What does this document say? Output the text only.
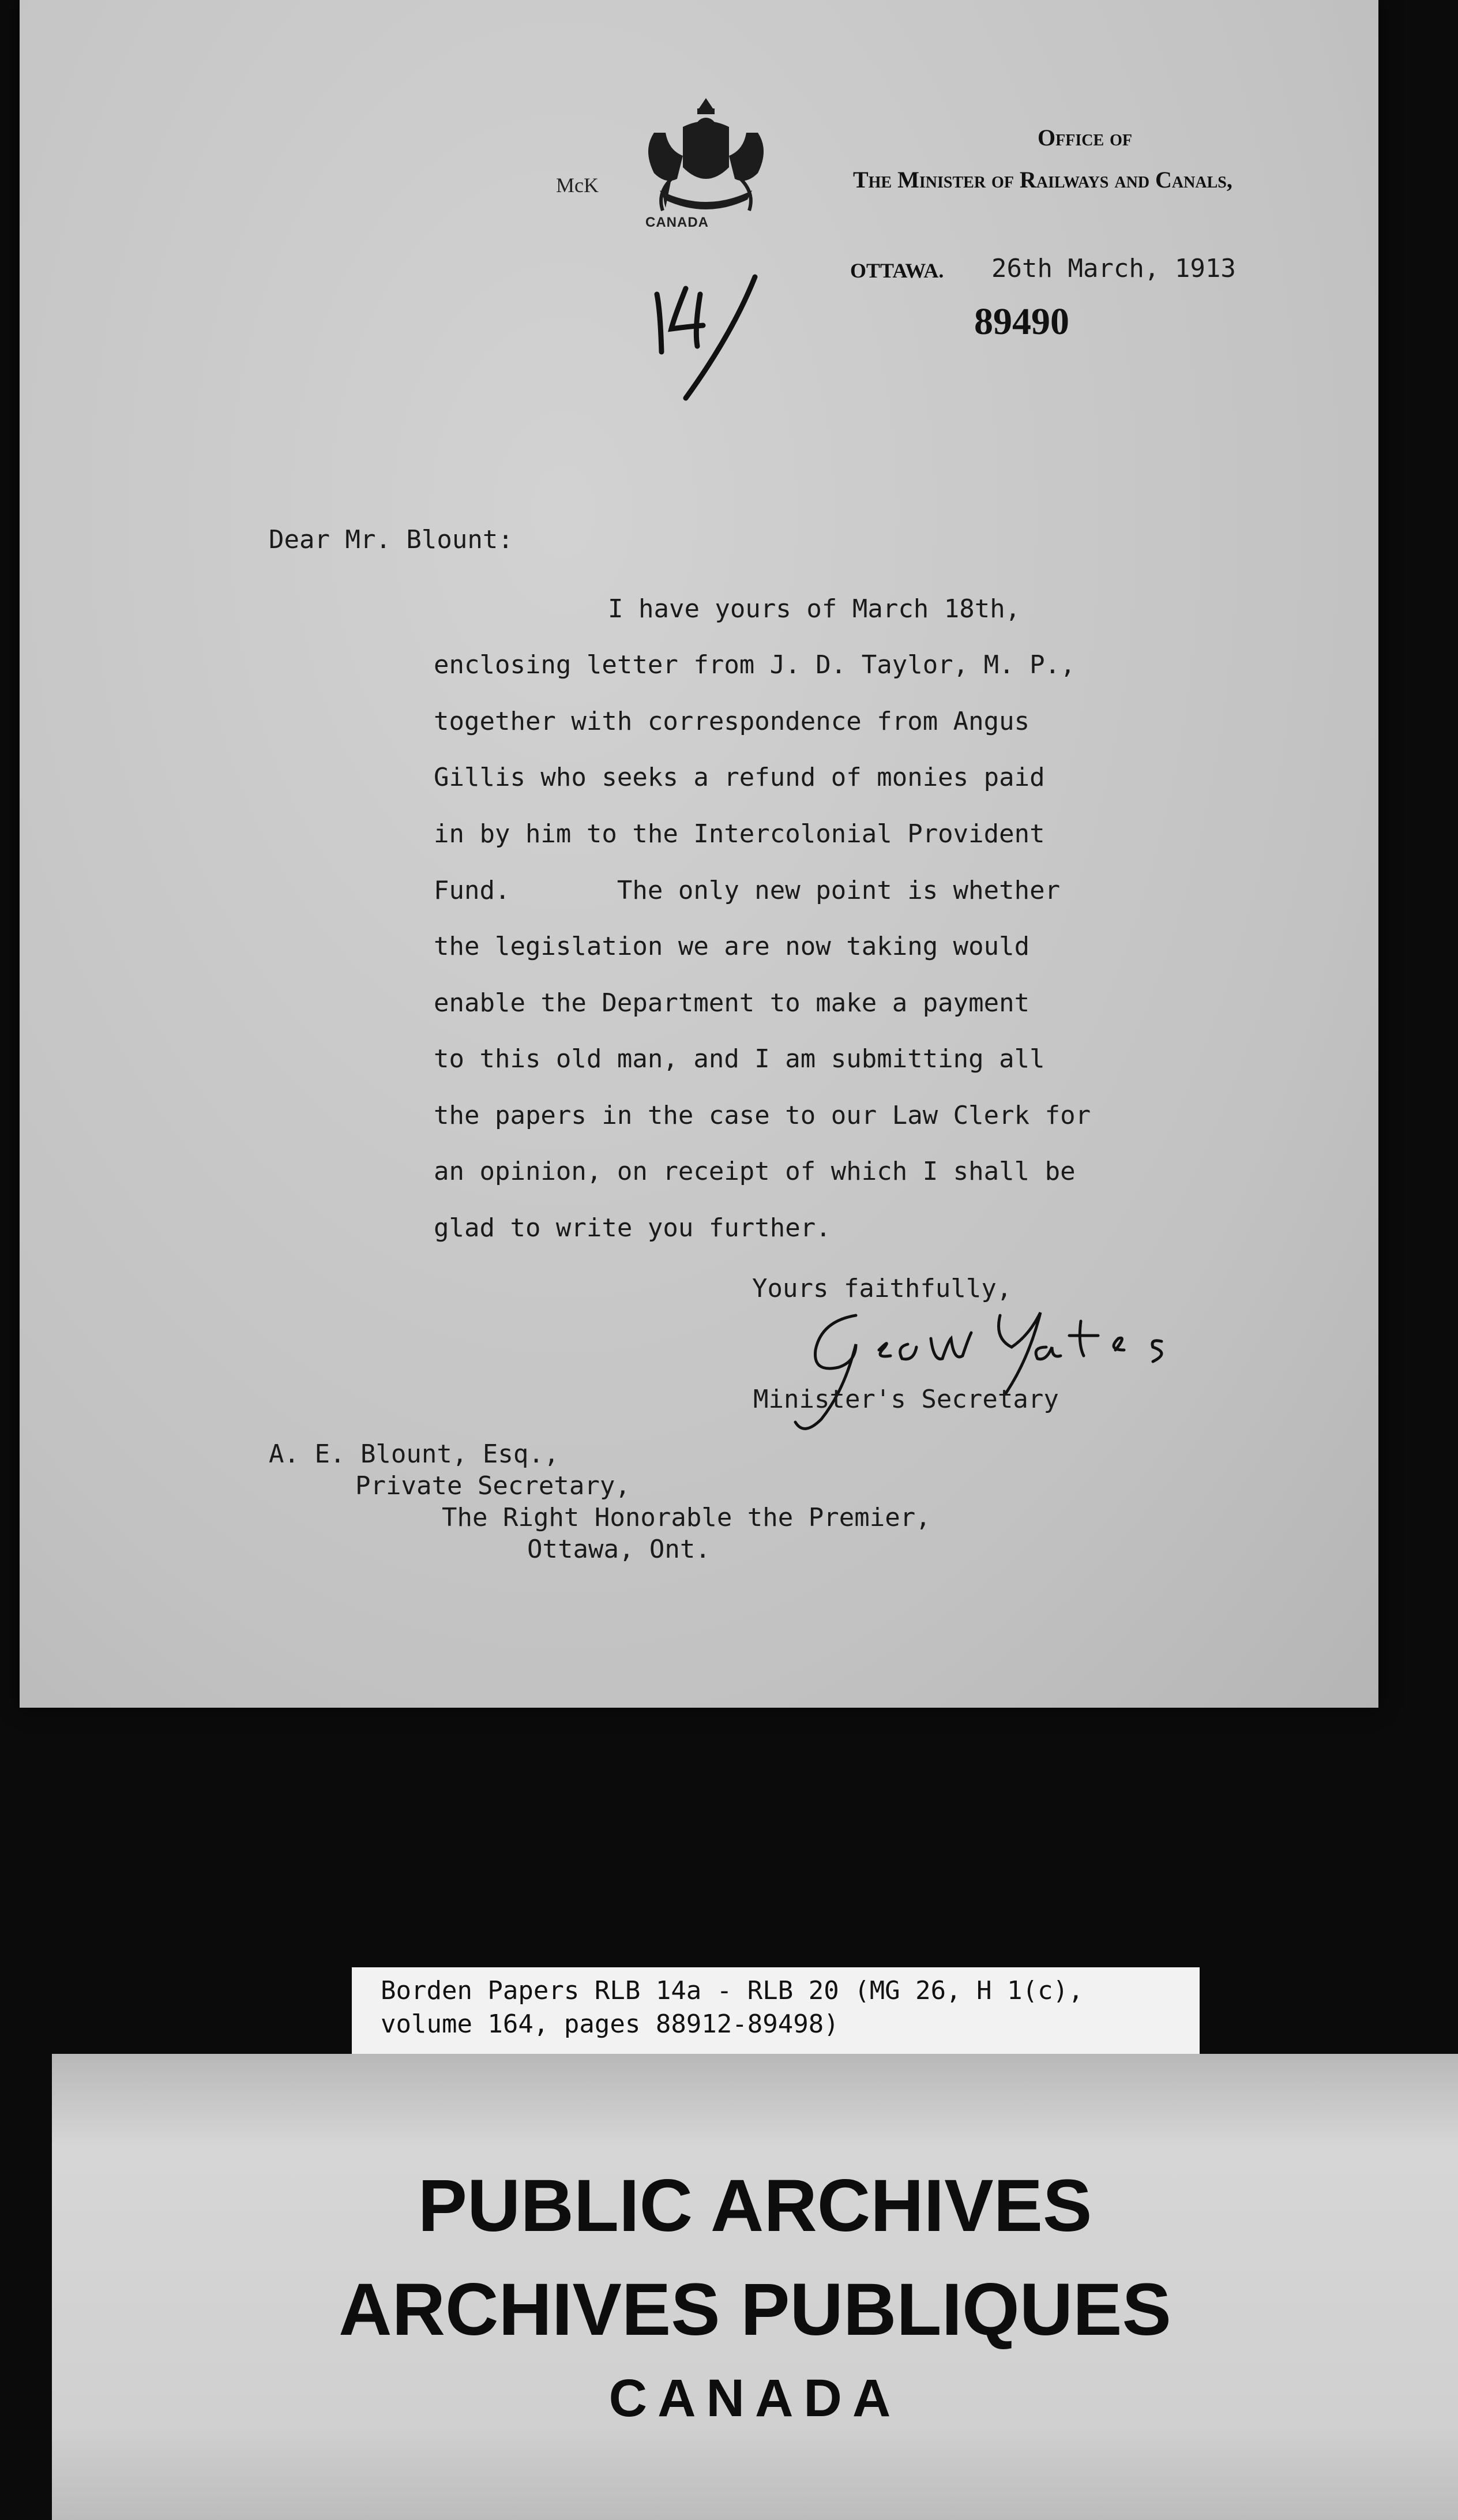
McK
CANADA
Office of
The Minister of Railways and Canals,
OTTAWA. 26th March, 1913
89490
Dear Mr. Blount:
I have yours of March 18th,
enclosing letter from J. D. Taylor, M. P.,
together with correspondence from Angus
Gillis who seeks a refund of monies paid
in by him to the Intercolonial Provident
Fund.       The only new point is whether
the legislation we are now taking would
enable the Department to make a payment
to this old man, and I am submitting all
the papers in the case to our Law Clerk for
an opinion, on receipt of which I shall be
glad to write you further.
Yours faithfully,
Minister's Secretary
A. E. Blount, Esq.,
Private Secretary,
The Right Honorable the Premier,
Ottawa, Ont.
Borden Papers RLB 14a - RLB 20 (MG 26, H 1(c),
volume 164, pages 88912-89498)
PUBLIC ARCHIVES
ARCHIVES PUBLIQUES
CANADA
